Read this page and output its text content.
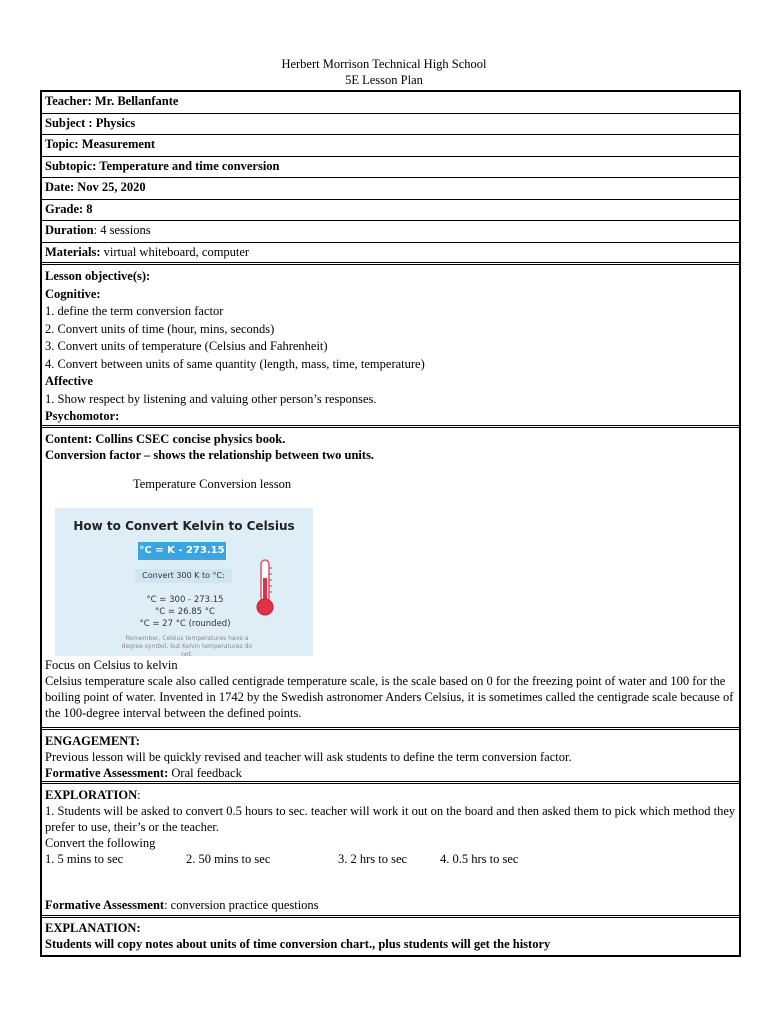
Herbert Morrison Technical High School
5E Lesson Plan
Teacher: Mr. Bellanfante
Subject : Physics
Topic: Measurement
Subtopic: Temperature and time conversion
Date: Nov 25, 2020
Grade: 8
Duration: 4 sessions
Materials: virtual whiteboard, computer
Lesson objective(s):
Cognitive:
1. define the term conversion factor
2. Convert units of time (hour, mins, seconds)
3. Convert units of temperature (Celsius and Fahrenheit)
4. Convert between units of same quantity (length, mass, time, temperature)
Affective
1. Show respect by listening and valuing other person’s responses.
Psychomotor:
Content: Collins CSEC concise physics book.
Conversion factor – shows the relationship between two units.
Temperature Conversion lesson
How to Convert Kelvin to Celsius
°C = K - 273.15
Convert 300 K to °C:
°C = 300 - 273.15
°C = 26.85 °C
°C = 27 °C (rounded)
Remember, Celsius temperatures have a degree symbol, but Kelvin temperatures do not.
Focus on Celsius to kelvin
Celsius temperature scale also called centigrade temperature scale, is the scale based on 0 for the freezing point of water and 100 for the boiling point of water. Invented in 1742 by the Swedish astronomer Anders Celsius, it is sometimes called the centigrade scale because of the 100-degree interval between the defined points.
ENGAGEMENT:
Previous lesson will be quickly revised and teacher will ask students to define the term conversion factor.
Formative Assessment: Oral feedback
EXPLORATION:
1. Students will be asked to convert 0.5 hours to sec. teacher will work it out on the board and then asked them to pick which method they prefer to use, their’s or the teacher.
Convert the following
1. 5 mins to sec	2. 50 mins to sec	3. 2 hrs to sec	4. 0.5 hrs to sec
Formative Assessment: conversion practice questions
EXPLANATION:
Students will copy notes about units of time conversion chart., plus students will get the history
